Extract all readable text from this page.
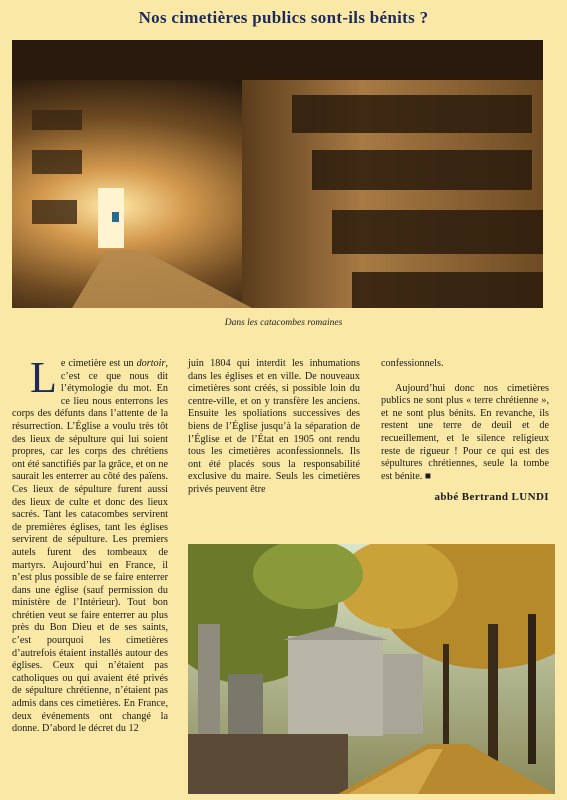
Nos cimetières publics sont-ils bénits ?
Dans les catacombes romaines

Le cimetière est un dortoir, c’est ce que nous dit l’étymologie du mot. En ce lieu nous enterrons les corps des défunts dans l’attente de la résurrection. L’Église a voulu très tôt des lieux de sépulture qui lui soient propres, car les corps des chrétiens ont été sanctifiés par la grâce, et on ne saurait les enterrer au côté des païens. Ces lieux de sépulture furent aussi des lieux de culte et donc des lieux sacrés. Tant les catacombes servirent de premières églises, tant les églises servirent de sépulture. Les premiers autels furent des tombeaux de martyrs. Aujourd’hui en France, il n’est plus possible de se faire enterrer dans une église (sauf permission du ministère de l’Intérieur). Tout bon chrétien veut se faire enterrer au plus près du Bon Dieu et de ses saints, c’est pourquoi les cimetières d’autrefois étaient installés autour des églises. Ceux qui n’étaient pas catholiques ou qui avaient été privés de sépulture chrétienne, n’étaient pas admis dans ces cimetières. En France, deux événements ont changé la donne. D’abord le décret du 12

juin 1804 qui interdit les inhumations dans les églises et en ville. De nouveaux cimetières sont créés, si possible loin du centre-ville, et on y transfère les anciens. Ensuite les spoliations successives des biens de l’Église jusqu’à la séparation de l’Église et de l’État en 1905 ont rendu tous les cimetières aconfessionnels. Ils ont été placés sous la responsabilité exclusive du maire. Seuls les cimetières privés peuvent être

confessionnels.

Aujourd’hui donc nos cimetières publics ne sont plus « terre chrétienne », et ne sont plus bénits. En revanche, ils restent une terre de deuil et de recueillement, et le silence religieux reste de rigueur ! Pour ce qui est des sépultures chrétiennes, seule la tombe est bénite. ■

abbé Bertrand LUNDI
